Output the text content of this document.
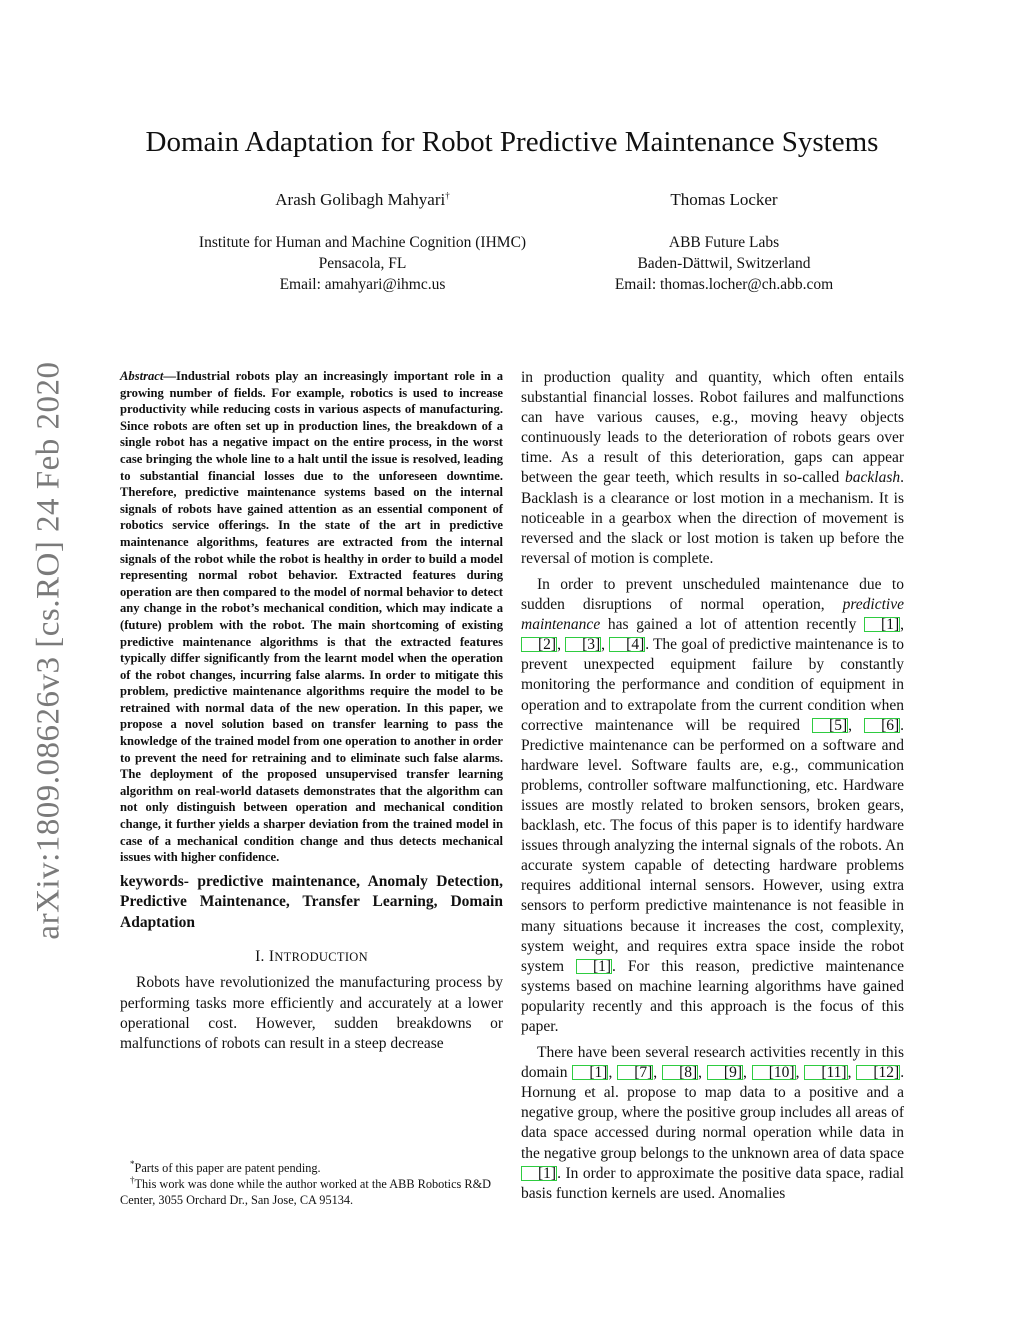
arXiv:1809.08626v3 [cs.RO] 24 Feb 2020
Domain Adaptation for Robot Predictive Maintenance Systems
Arash Golibagh Mahyari†
Institute for Human and Machine Cognition (IHMC)
Pensacola, FL
Email: amahyari@ihmc.us
Thomas Locker
ABB Future Labs
Baden-Dättwil, Switzerland
Email: thomas.locher@ch.abb.com

Abstract—Industrial robots play an increasingly important role in a growing number of fields. For example, robotics is used to increase productivity while reducing costs in various aspects of manufacturing. Since robots are often set up in production lines, the breakdown of a single robot has a negative impact on the entire process, in the worst case bringing the whole line to a halt until the issue is resolved, leading to substantial financial losses due to the unforeseen downtime. Therefore, predictive maintenance systems based on the internal signals of robots have gained attention as an essential component of robotics service offerings. In the state of the art in predictive maintenance algorithms, features are extracted from the internal signals of the robot while the robot is healthy in order to build a model representing normal robot behavior. Extracted features during operation are then compared to the model of normal behavior to detect any change in the robot’s mechanical condition, which may indicate a (future) problem with the robot. The main shortcoming of existing predictive maintenance algorithms is that the extracted features typically differ significantly from the learnt model when the operation of the robot changes, incurring false alarms. In order to mitigate this problem, predictive maintenance algorithms require the model to be retrained with normal data of the new operation. In this paper, we propose a novel solution based on transfer learning to pass the knowledge of the trained model from one operation to another in order to prevent the need for retraining and to eliminate such false alarms. The deployment of the proposed unsupervised transfer learning algorithm on real-world datasets demonstrates that the algorithm can not only distinguish between operation and mechanical condition change, it further yields a sharper deviation from the trained model in case of a mechanical condition change and thus detects mechanical issues with higher confidence.

keywords- predictive maintenance, Anomaly Detection, Predictive Maintenance, Transfer Learning, Domain Adaptation

I. INTRODUCTION

Robots have revolutionized the manufacturing process by performing tasks more efficiently and accurately at a lower operational cost. However, sudden breakdowns or malfunctions of robots can result in a steep decrease

*Parts of this paper are patent pending.
†This work was done while the author worked at the ABB Robotics R&D Center, 3055 Orchard Dr., San Jose, CA 95134.

in production quality and quantity, which often entails substantial financial losses. Robot failures and malfunctions can have various causes, e.g., moving heavy objects continuously leads to the deterioration of robots gears over time. As a result of this deterioration, gaps can appear between the gear teeth, which results in so-called backlash. Backlash is a clearance or lost motion in a mechanism. It is noticeable in a gearbox when the direction of movement is reversed and the slack or lost motion is taken up before the reversal of motion is complete.

In order to prevent unscheduled maintenance due to sudden disruptions of normal operation, predictive maintenance has gained a lot of attention recently [1], [2], [3], [4]. The goal of predictive maintenance is to prevent unexpected equipment failure by constantly monitoring the performance and condition of equipment in operation and to extrapolate from the current condition when corrective maintenance will be required [5], [6]. Predictive maintenance can be performed on a software and hardware level. Software faults are, e.g., communication problems, controller software malfunctioning, etc. Hardware issues are mostly related to broken sensors, broken gears, backlash, etc. The focus of this paper is to identify hardware issues through analyzing the internal signals of the robots. An accurate system capable of detecting hardware problems requires additional internal sensors. However, using extra sensors to perform predictive maintenance is not feasible in many situations because it increases the cost, complexity, system weight, and requires extra space inside the robot system [1]. For this reason, predictive maintenance systems based on machine learning algorithms have gained popularity recently and this approach is the focus of this paper.

There have been several research activities recently in this domain [1], [7], [8], [9], [10], [11], [12]. Hornung et al. propose to map data to a positive and a negative group, where the positive group includes all areas of data space accessed during normal operation while data in the negative group belongs to the unknown area of data space [1]. In order to approximate the positive data space, radial basis function kernels are used. Anomalies
